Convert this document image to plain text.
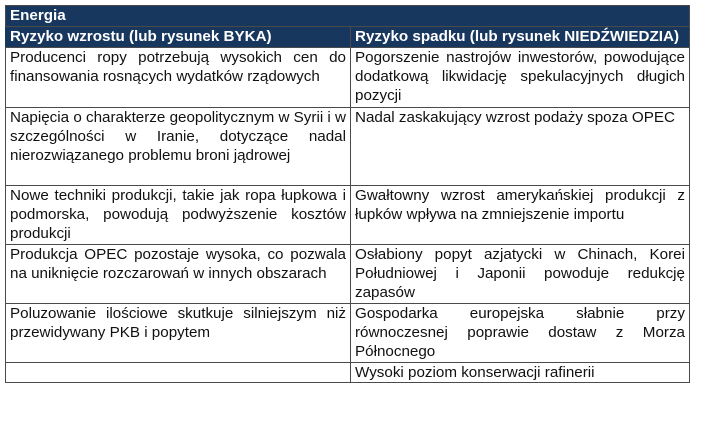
Energia	
Ryzyko wzrostu (lub rysunek BYKA)	Ryzyko spadku (lub rysunek NIEDŹWIEDZIA)
Producenci ropy potrzebują wysokich cen do finansowania rosnących wydatków rządowych	Pogorszenie nastrojów inwestorów, powodujące dodatkową likwidację spekulacyjnych długich pozycji
Napięcia o charakterze geopolitycznym w Syrii i w szczególności w Iranie, dotyczące nadal nierozwiązanego problemu broni jądrowej	Nadal zaskakujący wzrost podaży spoza OPEC
Nowe techniki produkcji, takie jak ropa łupkowa i podmorska, powodują podwyższenie kosztów produkcji	Gwałtowny wzrost amerykańskiej produkcji z łupków wpływa na zmniejszenie importu
Produkcja OPEC pozostaje wysoka, co pozwala na uniknięcie rozczarowań w innych obszarach	Osłabiony popyt azjatycki w Chinach, Korei Południowej i Japonii powoduje redukcję zapasów
Poluzowanie ilościowe skutkuje silniejszym niż przewidywany PKB i popytem	Gospodarka europejska słabnie przy równoczesnej poprawie dostaw z Morza Północnego
	Wysoki poziom konserwacji rafinerii
